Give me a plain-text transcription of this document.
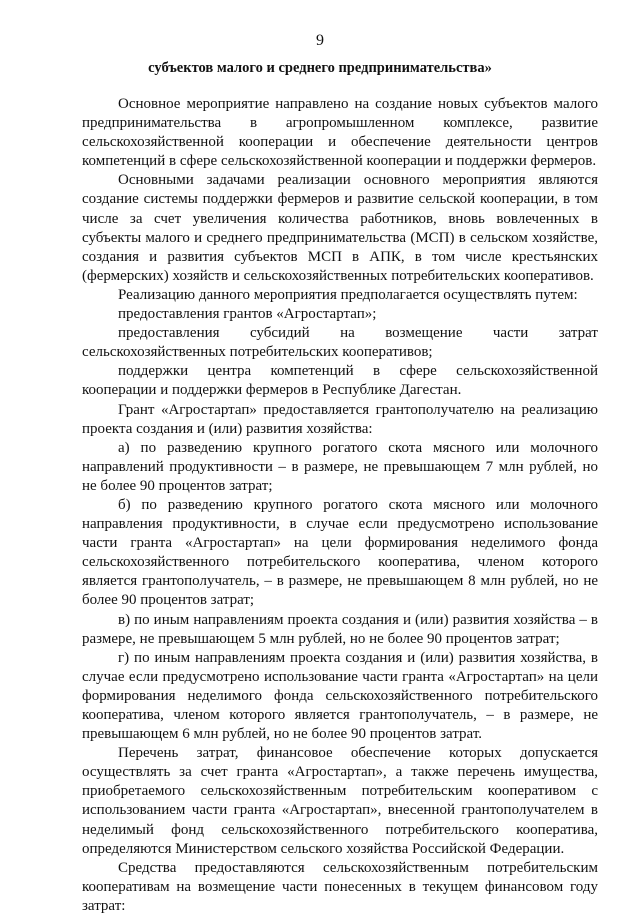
9
субъектов малого и среднего предпринимательства»

Основное мероприятие направлено на создание новых субъектов малого предпринимательства в агропромышленном комплексе, развитие сельскохозяйственной кооперации и обеспечение деятельности центров компетенций в сфере сельскохозяйственной кооперации и поддержки фермеров.

Основными задачами реализации основного мероприятия являются создание системы поддержки фермеров и развитие сельской кооперации, в том числе за счет увеличения количества работников, вновь вовлеченных в субъекты малого и среднего предпринимательства (МСП) в сельском хозяйстве, создания и развития субъектов МСП в АПК, в том числе крестьянских (фермерских) хозяйств и сельскохозяйственных потребительских кооперативов.

Реализацию данного мероприятия предполагается осуществлять путем:

предоставления грантов «Агростартап»;

предоставления субсидий на возмещение части затрат сельскохозяйственных потребительских кооперативов;

поддержки центра компетенций в сфере сельскохозяйственной кооперации и поддержки фермеров в Республике Дагестан.

Грант «Агростартап» предоставляется грантополучателю на реализацию проекта создания и (или) развития хозяйства:

а) по разведению крупного рогатого скота мясного или молочного направлений продуктивности – в размере, не превышающем 7 млн рублей, но не более 90 процентов затрат;

б) по разведению крупного рогатого скота мясного или молочного направления продуктивности, в случае если предусмотрено использование части гранта «Агростартап» на цели формирования неделимого фонда сельскохозяйственного потребительского кооператива, членом которого является грантополучатель, – в размере, не превышающем 8 млн рублей, но не более 90 процентов затрат;

в) по иным направлениям проекта создания и (или) развития хозяйства – в размере, не превышающем 5 млн рублей, но не более 90 процентов затрат;

г) по иным направлениям проекта создания и (или) развития хозяйства, в случае если предусмотрено использование части гранта «Агростартап» на цели формирования неделимого фонда сельскохозяйственного потребительского кооператива, членом которого является грантополучатель, – в размере, не превышающем 6 млн рублей, но не более 90 процентов затрат.

Перечень затрат, финансовое обеспечение которых допускается осуществлять за счет гранта «Агростартап», а также перечень имущества, приобретаемого сельскохозяйственным потребительским кооперативом с использованием части гранта «Агростартап», внесенной грантополучателем в неделимый фонд сельскохозяйственного потребительского кооператива, определяются Министерством сельского хозяйства Российской Федерации.

Средства предоставляются сельскохозяйственным потребительским кооперативам на возмещение части понесенных в текущем финансовом году затрат:
